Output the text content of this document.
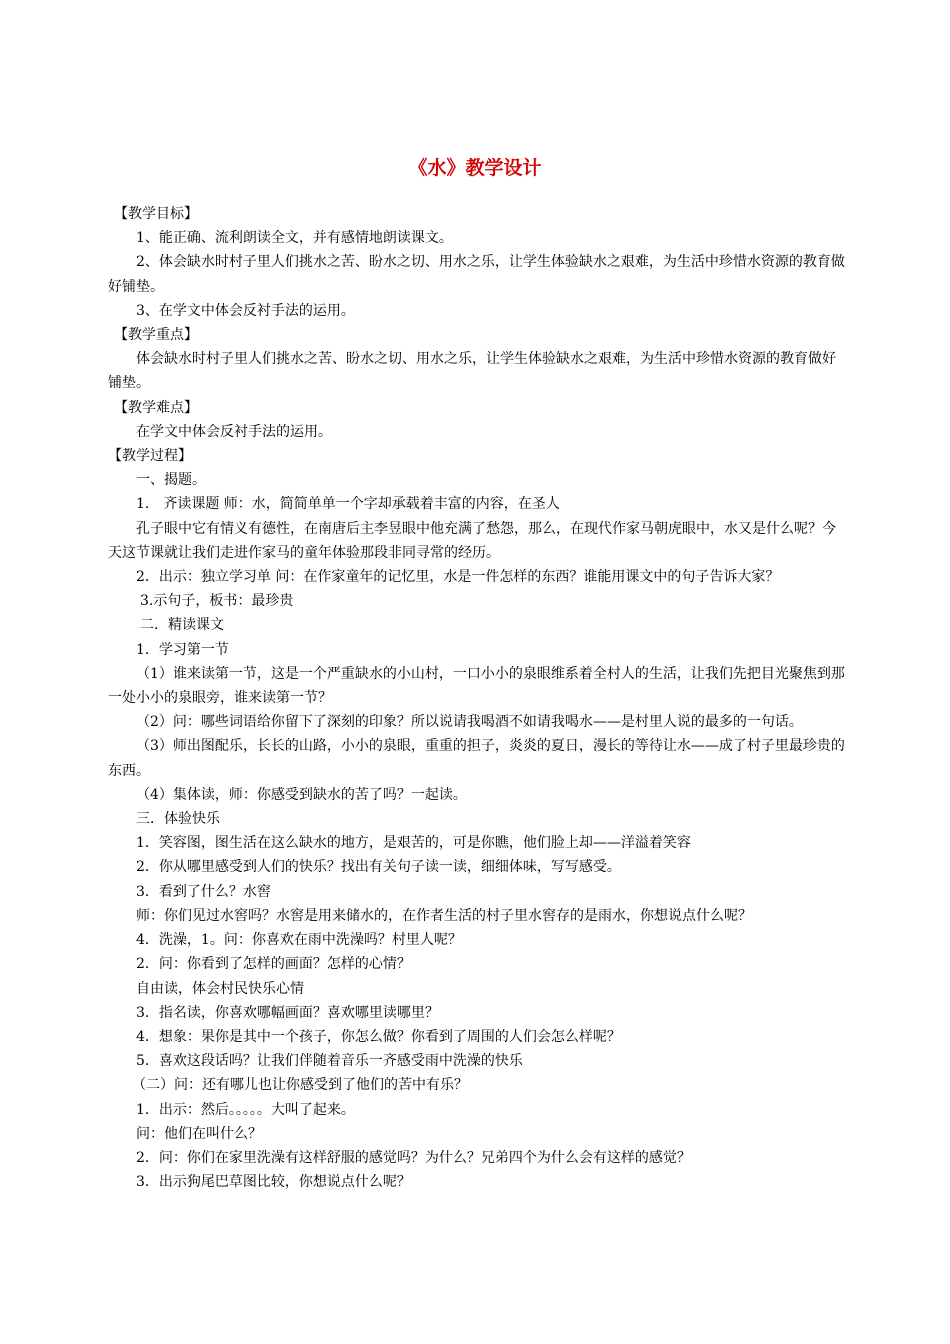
《水》教学设计

【教学目标】

1、能正确、流利朗读全文，并有感情地朗读课文。

2、体会缺水时村子里人们挑水之苦、盼水之切、用水之乐，让学生体验缺水之艰难，为生活中珍惜水资源的教育做好铺垫。

3、在学文中体会反衬手法的运用。

【教学重点】

体会缺水时村子里人们挑水之苦、盼水之切、用水之乐，让学生体验缺水之艰难，为生活中珍惜水资源的教育做好铺垫。

【教学难点】

在学文中体会反衬手法的运用。

【教学过程】

一、揭题。

1.　齐读课题 师：水，简简单单一个字却承载着丰富的内容，在圣人

孔子眼中它有情义有德性，在南唐后主李昱眼中他充满了愁怨，那么，在现代作家马朝虎眼中，水又是什么呢？今天这节课就让我们走进作家马的童年体验那段非同寻常的经历。

2．出示：独立学习单 问：在作家童年的记忆里，水是一件怎样的东西？谁能用课文中的句子告诉大家？

3.示句子，板书：最珍贵

二．精读课文

1．学习第一节

（1）谁来读第一节，这是一个严重缺水的小山村，一口小小的泉眼维系着全村人的生活，让我们先把目光聚焦到那一处小小的泉眼旁，谁来读第一节？

（2）问：哪些词语给你留下了深刻的印象？所以说请我喝酒不如请我喝水——是村里人说的最多的一句话。

（3）师出图配乐，长长的山路，小小的泉眼，重重的担子，炎炎的夏日，漫长的等待让水——成了村子里最珍贵的东西。

（4）集体读，师：你感受到缺水的苦了吗？一起读。

三．体验快乐

1．笑容图，图生活在这么缺水的地方，是艰苦的，可是你瞧，他们脸上却——洋溢着笑容

2．你从哪里感受到人们的快乐？找出有关句子读一读，细细体味，写写感受。

3．看到了什么？水窖

师：你们见过水窖吗？水窖是用来储水的，在作者生活的村子里水窖存的是雨水，你想说点什么呢？

4．洗澡，1。问：你喜欢在雨中洗澡吗？村里人呢？

2．问：你看到了怎样的画面？怎样的心情？

自由读，体会村民快乐心情

3．指名读，你喜欢哪幅画面？喜欢哪里读哪里？

4．想象：果你是其中一个孩子，你怎么做？你看到了周围的人们会怎么样呢？

5．喜欢这段话吗？让我们伴随着音乐一齐感受雨中洗澡的快乐

（二）问：还有哪儿也让你感受到了他们的苦中有乐？

1．出示：然后。。。。。大叫了起来。

问：他们在叫什么？

2．问：你们在家里洗澡有这样舒服的感觉吗？为什么？兄弟四个为什么会有这样的感觉？

3．出示狗尾巴草图比较，你想说点什么呢？
